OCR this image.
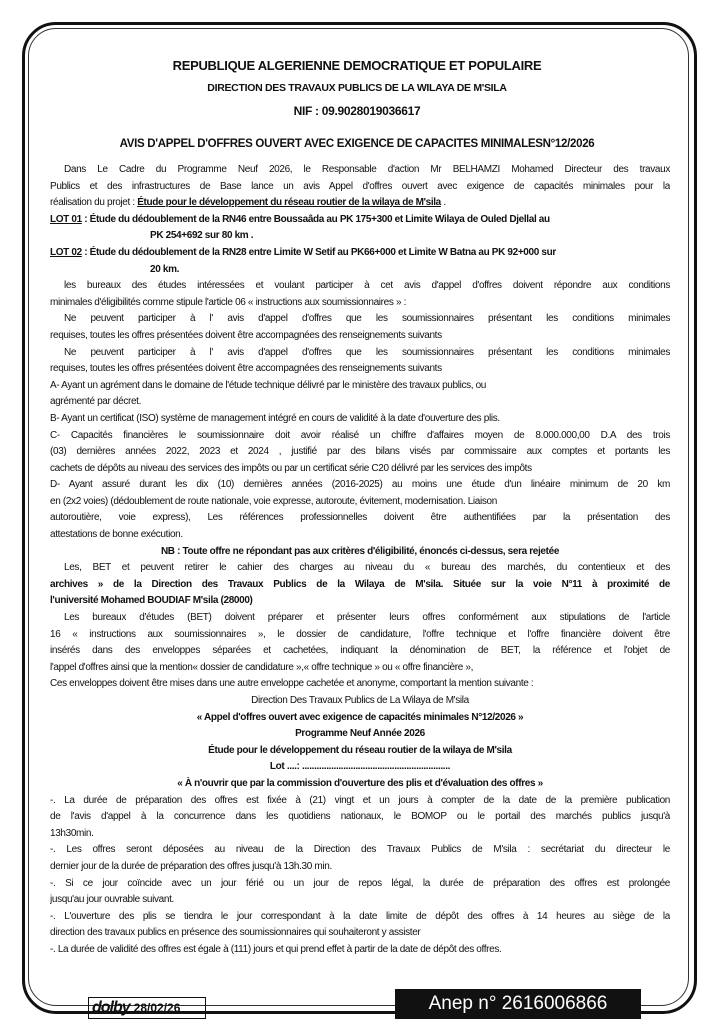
REPUBLIQUE ALGERIENNE DEMOCRATIQUE ET POPULAIRE
DIRECTION DES TRAVAUX PUBLICS DE LA WILAYA DE M'SILA
NIF : 09.9028019036617
AVIS D'APPEL D'OFFRES OUVERT AVEC EXIGENCE DE CAPACITES MINIMALESN°12/2026
Dans Le Cadre du Programme Neuf 2026, le Responsable d'action Mr BELHAMZI Mohamed Directeur des travaux
Publics et des infrastructures de Base lance un avis Appel d'offres ouvert avec exigence de capacités minimales pour la
réalisation du projet : Étude pour le développement du réseau routier de la wilaya de M'sila .
LOT 01 : Étude du dédoublement de la RN46 entre Boussaâda au PK 175+300 et Limite Wilaya de Ouled Djellal au
PK 254+692 sur 80 km .
LOT 02 : Étude du dédoublement de la RN28 entre Limite W Setif au PK66+000 et Limite W Batna au PK 92+000 sur
20 km.
les bureaux des études intéressées et voulant participer à cet avis d'appel d'offres doivent répondre aux conditions
minimales d'éligibilités comme stipule l'article 06 « instructions aux soumissionnaires » :
Ne peuvent participer à l' avis d'appel d'offres que les soumissionnaires présentant les conditions minimales
requises, toutes les offres présentées doivent être accompagnées des renseignements suivants
Ne peuvent participer à l' avis d'appel d'offres que les soumissionnaires présentant les conditions minimales
requises, toutes les offres présentées doivent être accompagnées des renseignements suivants
A- Ayant un agrément dans le domaine de l'étude technique délivré par le ministère des travaux publics, ou
agrémenté par décret.
B- Ayant un certificat (ISO) système de management intégré en cours de validité à la date d'ouverture des plis.
C- Capacités financières le soumissionnaire doit avoir réalisé un chiffre d'affaires moyen de 8.000.000,00 D.A des trois
(03) dernières années 2022, 2023 et 2024 , justifié par des bilans visés par commissaire aux comptes et portants les
cachets de dépôts au niveau des services des impôts ou par un certificat série C20 délivré par les services des impôts
D- Ayant assuré durant les dix (10) dernières années (2016-2025) au moins une étude d'un linéaire minimum de 20 km
en (2x2 voies) (dédoublement de route nationale, voie expresse, autoroute, évitement, modernisation. Liaison
autoroutière, voie express), Les références professionnelles doivent être authentifiées par la présentation des
attestations de bonne exécution.
NB : Toute offre ne répondant pas aux critères d'éligibilité, énoncés ci-dessus, sera rejetée
Les, BET et peuvent retirer le cahier des charges au niveau du « bureau des marchés, du contentieux et des
archives » de la Direction des Travaux Publics de la Wilaya de M'sila. Située sur la voie N°11 à proximité de
l'université Mohamed BOUDIAF M'sila (28000)
Les bureaux d'études (BET) doivent préparer et présenter leurs offres conformément aux stipulations de l'article
16 « instructions aux soumissionnaires », le dossier de candidature, l'offre technique et l'offre financière doivent être
insérés dans des enveloppes séparées et cachetées, indiquant la dénomination de BET, la référence et l'objet de
l'appel d'offres ainsi que la mention« dossier de candidature »,« offre technique » ou « offre financière »,
Ces enveloppes doivent être mises dans une autre enveloppe cachetée et anonyme, comportant la mention suivante :
Direction Des Travaux Publics de La Wilaya de M'sila
« Appel d'offres ouvert avec exigence de capacités minimales N°12/2026 »
Programme Neuf Année 2026
Étude pour le développement du réseau routier de la wilaya de M'sila
Lot ....: .............................................................
« À n'ouvrir que par la commission d'ouverture des plis et d'évaluation des offres »
-. La durée de préparation des offres est fixée à (21) vingt et un jours à compter de la date de la première publication
de l'avis d'appel à la concurrence dans les quotidiens nationaux, le BOMOP ou le portail des marchés publics jusqu'à
13h30min.
-. Les offres seront déposées au niveau de la Direction des Travaux Publics de M'sila : secrétariat du directeur le
dernier jour de la durée de préparation des offres jusqu'à 13h.30 min.
-. Si ce jour coïncide avec un jour férié ou un jour de repos légal, la durée de préparation des offres est prolongée
jusqu'au jour ouvrable suivant.
-. L'ouverture des plis se tiendra le jour correspondant à la date limite de dépôt des offres à 14 heures au siège de la
direction des travaux publics en présence des soumissionnaires qui souhaiteront y assister
-. La durée de validité des offres est égale à (111) jours et qui prend effet à partir de la date de dépôt des offres.
dolby 28/02/26	Anep n° 2616006866
